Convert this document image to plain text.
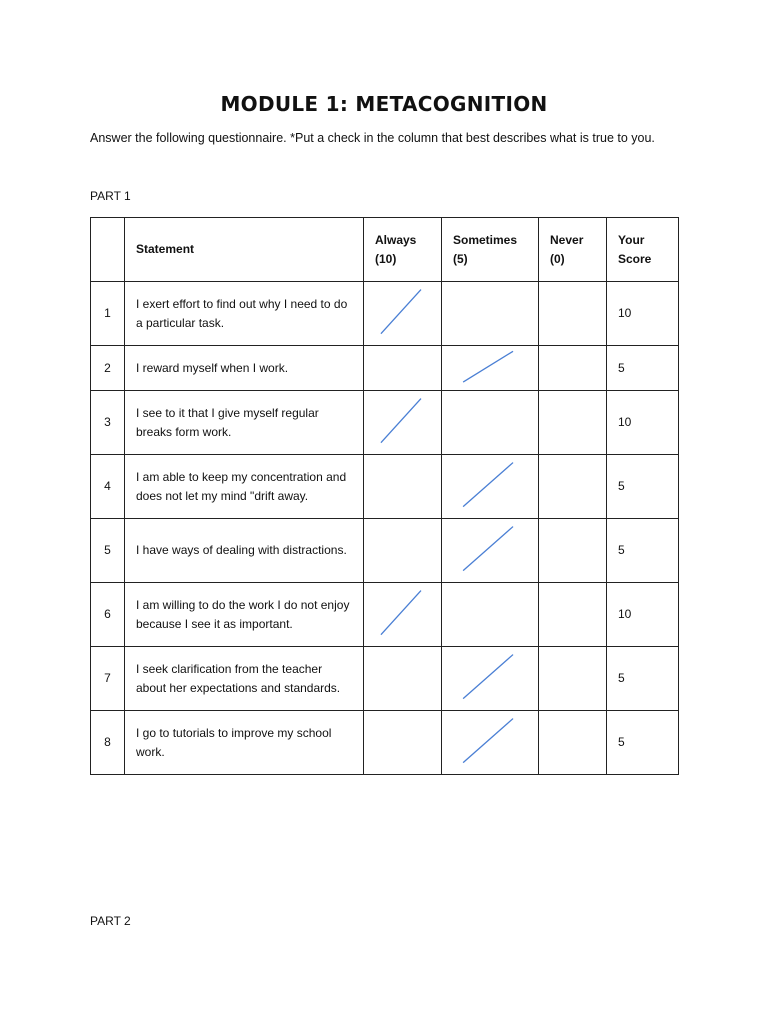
MODULE 1: METACOGNITION
Answer the following questionnaire. *Put a check in the column that best describes what is true to you.
PART 1
	Statement	Always (10)	Sometimes (5)	Never (0)	Your Score
1	I exert effort to find out why I need to do a particular task.				10
2	I reward myself when I work.				5
3	I see to it that I give myself regular breaks form work.				10
4	I am able to keep my concentration and does not let my mind "drift away.				5
5	I have ways of dealing with distractions.				5
6	I am willing to do the work I do not enjoy because I see it as important.				10
7	I seek clarification from the teacher about her expectations and standards.				5
8	I go to tutorials to improve my school work.				5
PART 2
